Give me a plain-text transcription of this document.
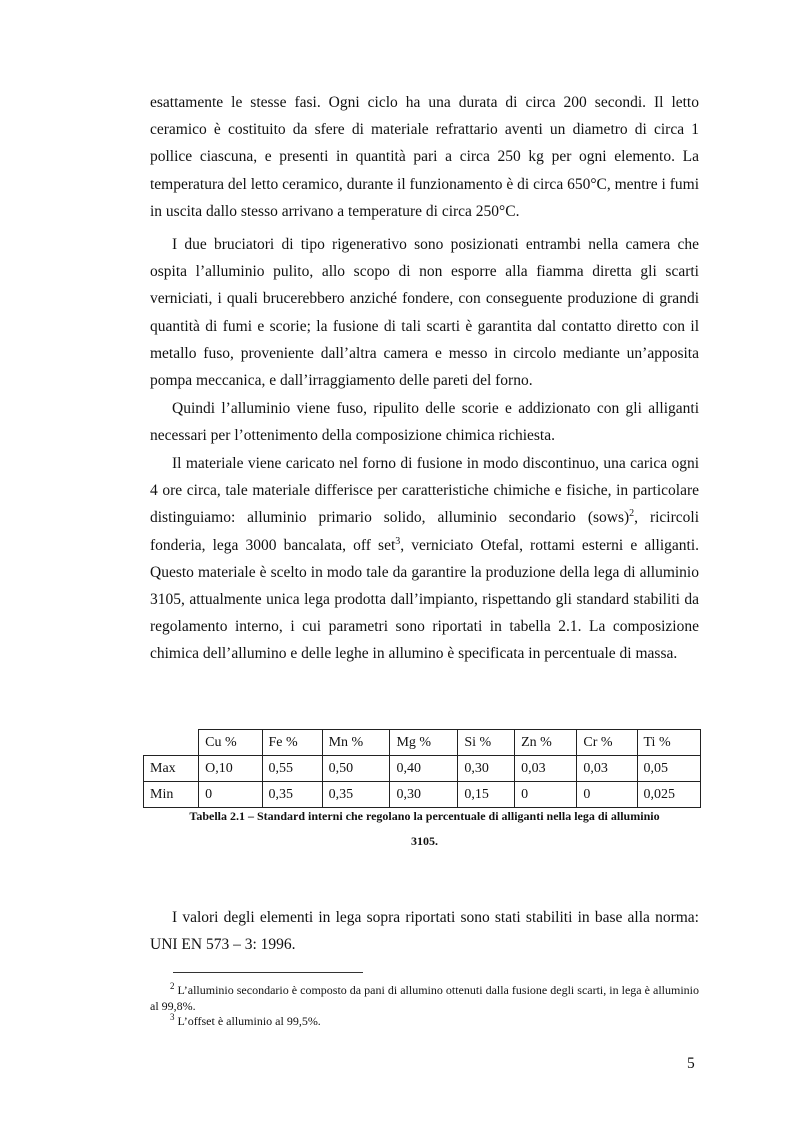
esattamente le stesse fasi. Ogni ciclo ha una durata di circa 200 secondi. Il letto ceramico è costituito da sfere di materiale refrattario aventi un diametro di circa 1 pollice ciascuna, e presenti in quantità pari a circa 250 kg per ogni elemento. La temperatura del letto ceramico, durante il funzionamento è di circa 650°C, mentre i fumi in uscita dallo stesso arrivano a temperature di circa 250°C.

I due bruciatori di tipo rigenerativo sono posizionati entrambi nella camera che ospita l’alluminio pulito, allo scopo di non esporre alla fiamma diretta gli scarti verniciati, i quali brucerebbero anziché fondere, con conseguente produzione di grandi quantità di fumi e scorie; la fusione di tali scarti è garantita dal contatto diretto con il metallo fuso, proveniente dall’altra camera e messo in circolo mediante un’apposita pompa meccanica, e dall’irraggiamento delle pareti del forno.

Quindi l’alluminio viene fuso, ripulito delle scorie e addizionato con gli alliganti necessari per l’ottenimento della composizione chimica richiesta.

Il materiale viene caricato nel forno di fusione in modo discontinuo, una carica ogni 4 ore circa, tale materiale differisce per caratteristiche chimiche e fisiche, in particolare distinguiamo: alluminio primario solido, alluminio secondario (sows)$^2$, ricircoli fonderia, lega 3000 bancalata, off set$^3$, verniciato Otefal, rottami esterni e alliganti. Questo materiale è scelto in modo tale da garantire la produzione della lega di alluminio 3105, attualmente unica lega prodotta dall’impianto, rispettando gli standard stabiliti da regolamento interno, i cui parametri sono riportati in tabella 2.1. La composizione chimica dell’allumino e delle leghe in allumino è specificata in percentuale di massa.

	Cu %	Fe %	Mn %	Mg %	Si %	Zn %	Cr %	Ti %
Max	O,10	0,55	0,50	0,40	0,30	0,03	0,03	0,05
Min	0	0,35	0,35	0,30	0,15	0	0	0,025

Tabella 2.1 – Standard interni che regolano la percentuale di alliganti nella lega di alluminio
3105.

I valori degli elementi in lega sopra riportati sono stati stabiliti in base alla norma: UNI EN 573 – 3: 1996.

$^2$ L’alluminio secondario è composto da pani di allumino ottenuti dalla fusione degli scarti, in lega è alluminio al 99,8%.

$^3$ L’offset è alluminio al 99,5%.

5
